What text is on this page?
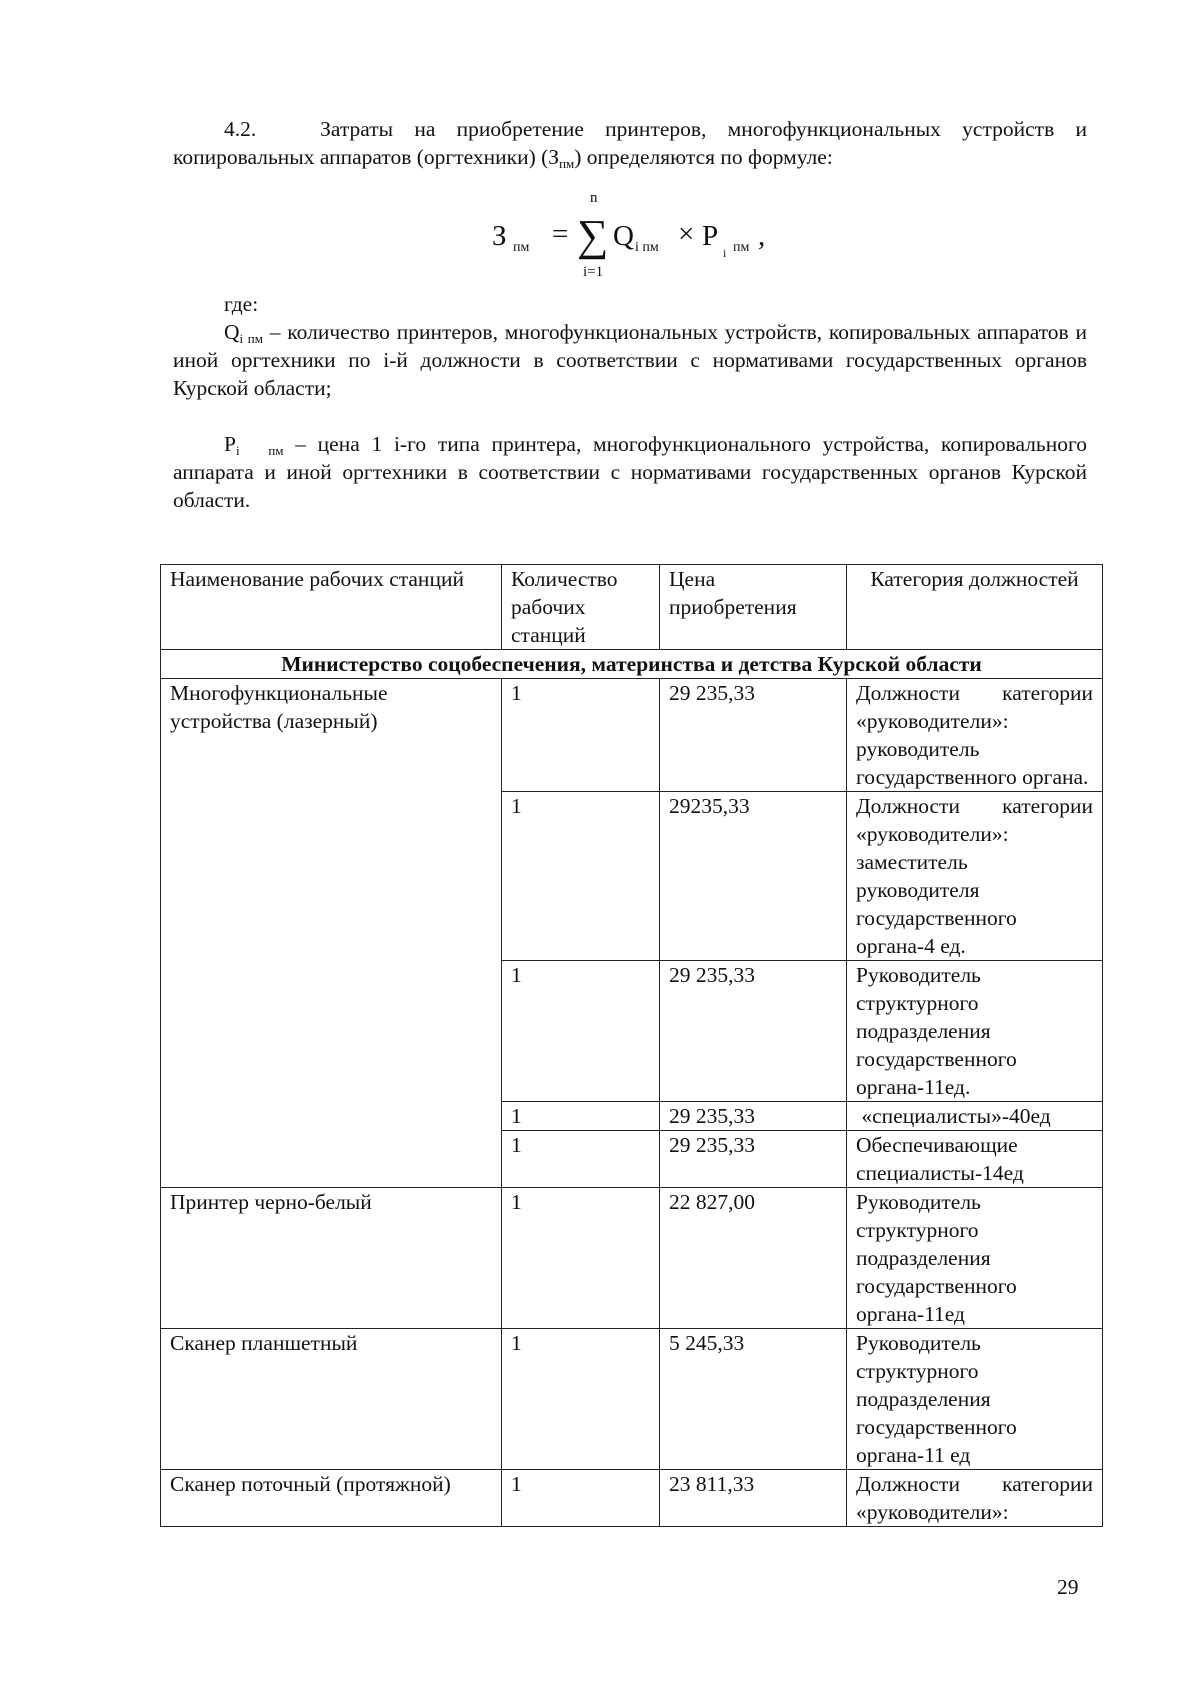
4.2.	Затраты на приобретение принтеров, многофункциональных устройств и копировальных аппаратов (оргтехники) $(З_{пм})$ определяются по формуле:

З пм =
n
∑
i=1
Q i пм × P
i пм ,

где:

$Q_{i пм}$ – количество принтеров, многофункциональных устройств, копировальных аппаратов и иной оргтехники по i-й должности в соответствии с нормативами государственных органов Курской области;

$P_{i пм}$ – цена 1 i-го типа принтера, многофункционального устройства, копировального аппарата и иной оргтехники в соответствии с нормативами государственных органов Курской области.

Наименование рабочих станций	Количество рабочих станций	Цена приобретения	Категория должностей
Министерство соцобеспечения, материнства и детства Курской области			
Многофункциональные устройства (лазерный)	1	29 235,33	Должности категории «руководители»: руководитель государственного органа.
	1	29235,33	Должности категории «руководители»: заместитель руководителя государственного органа-4 ед.
	1	29 235,33	Руководитель структурного подразделения государственного органа-11ед.
	1	29 235,33	«специалисты»-40ед
	1	29 235,33	Обеспечивающие специалисты-14ед
Принтер черно-белый	1	22 827,00	Руководитель структурного подразделения государственного органа-11ед
Сканер планшетный	1	5 245,33	Руководитель структурного подразделения государственного органа-11 ед
Сканер поточный (протяжной)	1	23 811,33	Должности категории «руководители»:
29
